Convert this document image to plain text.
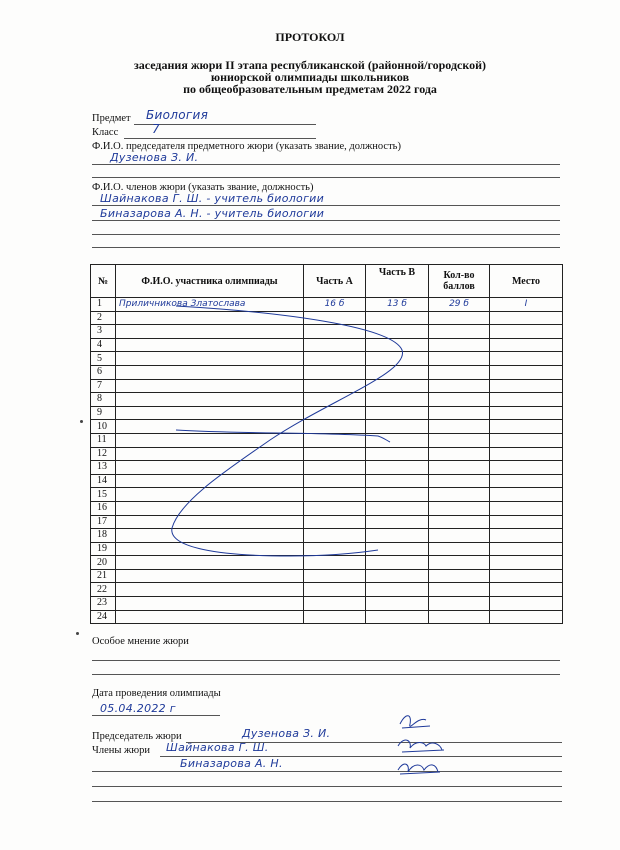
ПРОТОКОЛ
заседания жюри II этапа республиканской (районной/городской)
юниорской олимпиады школьников
по общеобразовательным предметам 2022 года
Предмет Биология
Класс	7
Ф.И.О. председателя предметного жюри (указать звание, должность)
Дузенова З. И.
Ф.И.О. членов жюри (указать звание, должность)
Шайнакова Г. Ш. - учитель биологии
Биназарова А. Н. - учитель биологии
№	Ф.И.О. участника олимпиады	Часть А	Часть В	Кол-во баллов	Место
1	Приличникова Златослава	16 б	13 б	29 б	I
2					
3					
4					
5					
6					
7					
8					
9					
10					
11					
12					
13					
14					
15					
16					
17					
18					
19					
20					
21					
22					
23					
24					
Особое мнение жюри
Дата проведения олимпиады
05.04.2022 г
Председатель жюри	Дузенова З. И.
Члены жюри Шайнакова Г. Ш.
Биназарова А. Н.
